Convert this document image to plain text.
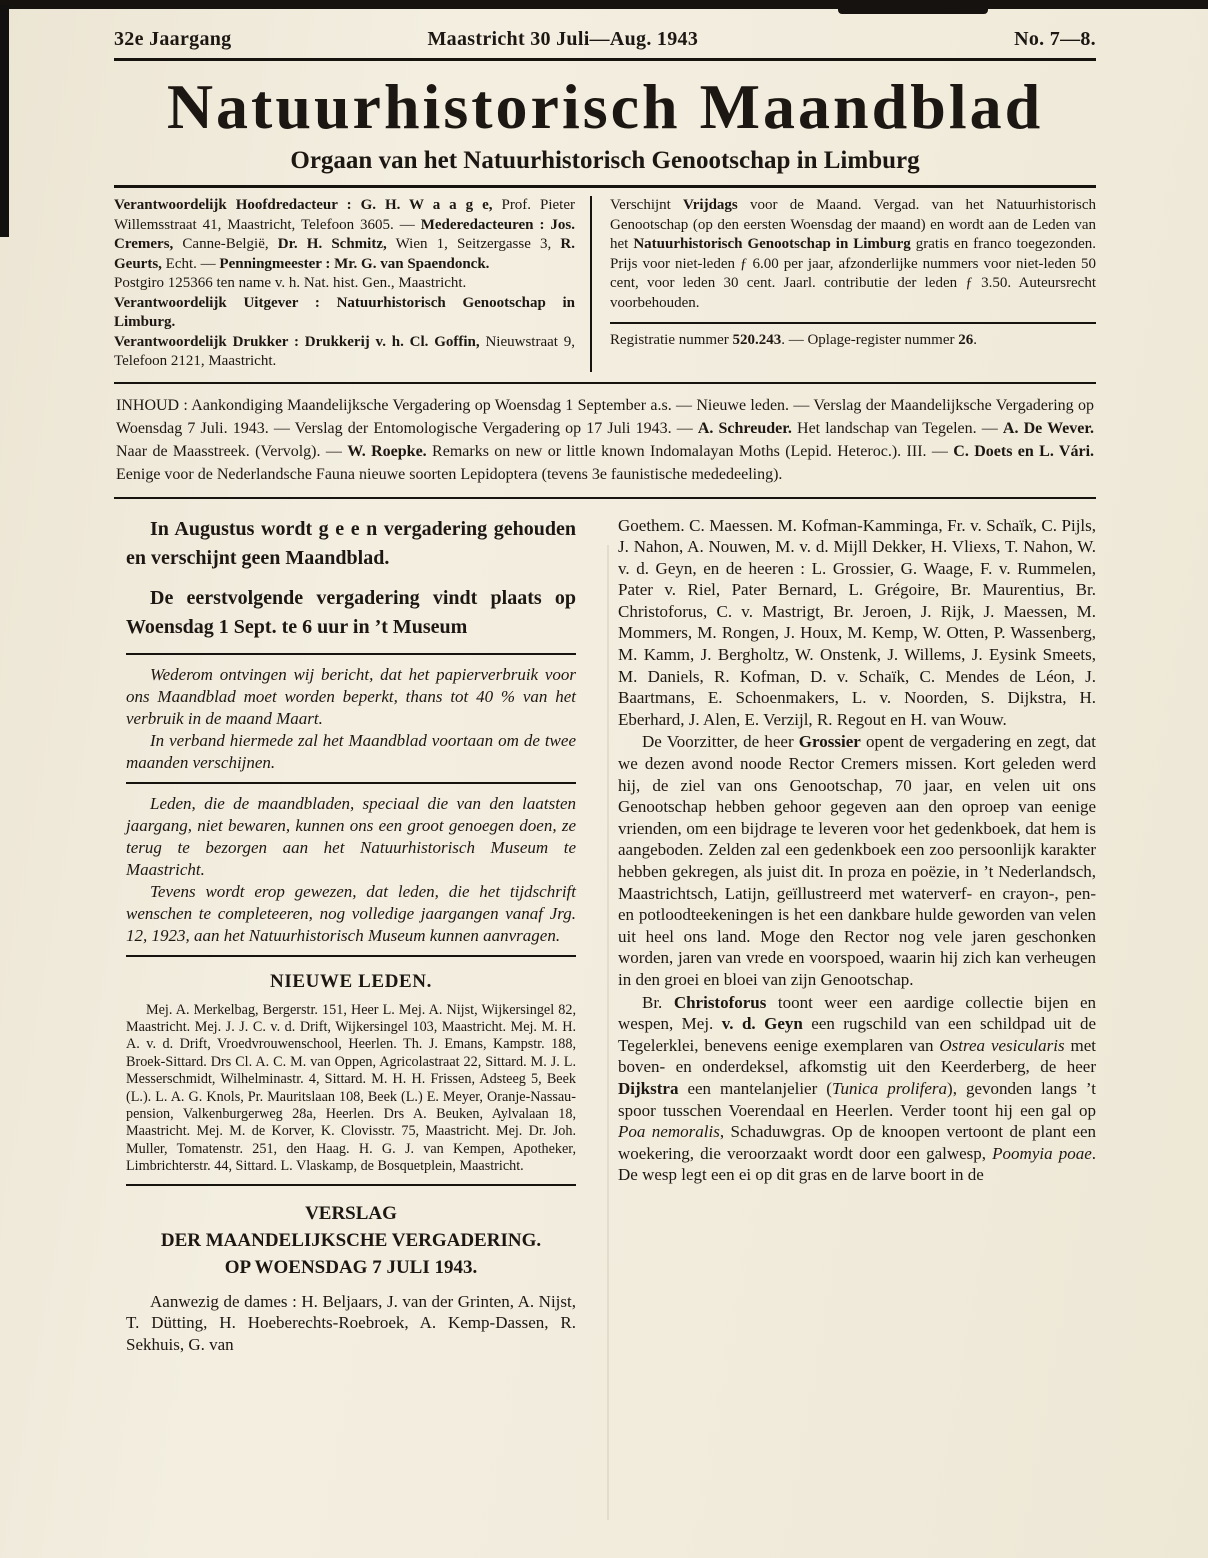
32e Jaargang	Maastricht 30 Juli—Aug. 1943	No. 7—8.
Natuurhistorisch Maandblad
Orgaan van het Natuurhistorisch Genootschap in Limburg

Verantwoordelijk Hoofdredacteur : G. H. W a a g e, Prof. Pieter Willemsstraat 41, Maastricht, Telefoon 3605. — Mederedacteuren : Jos. Cremers, Canne-België, Dr. H. Schmitz, Wien 1, Seitzergasse 3, R. Geurts, Echt. — Penningmeester : Mr. G. van Spaendonck.

Postgiro 125366 ten name v. h. Nat. hist. Gen., Maastricht.

Verantwoordelijk Uitgever : Natuurhistorisch Genootschap in Limburg.

Verantwoordelijk Drukker : Drukkerij v. h. Cl. Goffin, Nieuwstraat 9, Telefoon 2121, Maastricht.

Verschijnt Vrijdags voor de Maand. Vergad. van het Natuurhistorisch Genootschap (op den eersten Woensdag der maand) en wordt aan de Leden van het Natuurhistorisch Genootschap in Limburg gratis en franco toegezonden. Prijs voor niet-leden ƒ 6.00 per jaar, afzonderlijke nummers voor niet-leden 50 cent, voor leden 30 cent. Jaarl. contributie der leden ƒ 3.50. Auteursrecht voorbehouden.

Registratie nummer 520.243. — Oplage-register nummer 26.

INHOUD : Aankondiging Maandelijksche Vergadering op Woensdag 1 September a.s. — Nieuwe leden. — Verslag der Maandelijksche Vergadering op Woensdag 7 Juli. 1943. — Verslag der Entomologische Vergadering op 17 Juli 1943. — A. Schreuder. Het landschap van Tegelen. — A. De Wever. Naar de Maasstreek. (Vervolg). — W. Roepke. Remarks on new or little known Indomalayan Moths (Lepid. Heteroc.). III. — C. Doets en L. Vári. Eenige voor de Nederlandsche Fauna nieuwe soorten Lepidoptera (tevens 3e faunistische mededeeling).

In Augustus wordt g e e n vergadering gehouden en verschijnt geen Maandblad.

De eerstvolgende vergadering vindt plaats op Woensdag 1 Sept. te 6 uur in ’t Museum

Wederom ontvingen wij bericht, dat het papierverbruik voor ons Maandblad moet worden beperkt, thans tot 40 % van het verbruik in de maand Maart.

In verband hiermede zal het Maandblad voortaan om de twee maanden verschijnen.

Leden, die de maandbladen, speciaal die van den laatsten jaargang, niet bewaren, kunnen ons een groot genoegen doen, ze terug te bezorgen aan het Natuurhistorisch Museum te Maastricht.

Tevens wordt erop gewezen, dat leden, die het tijdschrift wenschen te completeeren, nog volledige jaargangen vanaf Jrg. 12, 1923, aan het Natuurhistorisch Museum kunnen aanvragen.

NIEUWE LEDEN.

Mej. A. Merkelbag, Bergerstr. 151, Heer L. Mej. A. Nijst, Wijkersingel 82, Maastricht. Mej. J. J. C. v. d. Drift, Wijkersingel 103, Maastricht. Mej. M. H. A. v. d. Drift, Vroedvrouwenschool, Heerlen. Th. J. Emans, Kampstr. 188, Broek-Sittard. Drs Cl. A. C. M. van Oppen, Agricolastraat 22, Sittard. M. J. L. Messerschmidt, Wilhelminastr. 4, Sittard. M. H. H. Frissen, Adsteeg 5, Beek (L.). L. A. G. Knols, Pr. Mauritslaan 108, Beek (L.) E. Meyer, Oranje-Nassau-pension, Valkenburgerweg 28a, Heerlen. Drs A. Beuken, Aylvalaan 18, Maastricht. Mej. M. de Korver, K. Clovisstr. 75, Maastricht. Mej. Dr. Joh. Muller, Tomatenstr. 251, den Haag. H. G. J. van Kempen, Apotheker, Limbrichterstr. 44, Sittard. L. Vlaskamp, de Bosquetplein, Maastricht.

VERSLAG
DER MAANDELIJKSCHE VERGADERING.
OP WOENSDAG 7 JULI 1943.

Aanwezig de dames : H. Beljaars, J. van der Grinten, A. Nijst, T. Dütting, H. Hoeberechts-Roebroek, A. Kemp-Dassen, R. Sekhuis, G. van

Goethem. C. Maessen. M. Kofman-Kamminga, Fr. v. Schaïk, C. Pijls, J. Nahon, A. Nouwen, M. v. d. Mijll Dekker, H. Vliexs, T. Nahon, W. v. d. Geyn, en de heeren : L. Grossier, G. Waage, F. v. Rummelen, Pater v. Riel, Pater Bernard, L. Grégoire, Br. Maurentius, Br. Christoforus, C. v. Mastrigt, Br. Jeroen, J. Rijk, J. Maessen, M. Mommers, M. Rongen, J. Houx, M. Kemp, W. Otten, P. Wassenberg, M. Kamm, J. Bergholtz, W. Onstenk, J. Willems, J. Eysink Smeets, M. Daniels, R. Kofman, D. v. Schaïk, C. Mendes de Léon, J. Baartmans, E. Schoenmakers, L. v. Noorden, S. Dijkstra, H. Eberhard, J. Alen, E. Verzijl, R. Regout en H. van Wouw.

De Voorzitter, de heer Grossier opent de vergadering en zegt, dat we dezen avond noode Rector Cremers missen. Kort geleden werd hij, de ziel van ons Genootschap, 70 jaar, en velen uit ons Genootschap hebben gehoor gegeven aan den oproep van eenige vrienden, om een bijdrage te leveren voor het gedenkboek, dat hem is aangeboden. Zelden zal een gedenkboek een zoo persoonlijk karakter hebben gekregen, als juist dit. In proza en poëzie, in ’t Nederlandsch, Maastrichtsch, Latijn, geïllustreerd met waterverf- en crayon-, pen- en potloodteekeningen is het een dankbare hulde geworden van velen uit heel ons land. Moge den Rector nog vele jaren geschonken worden, jaren van vrede en voorspoed, waarin hij zich kan verheugen in den groei en bloei van zijn Genootschap.

Br. Christoforus toont weer een aardige collectie bijen en wespen, Mej. v. d. Geyn een rugschild van een schildpad uit de Tegelerklei, benevens eenige exemplaren van Ostrea vesicularis met boven- en onderdeksel, afkomstig uit den Keerderberg, de heer Dijkstra een mantelanjelier (Tunica prolifera), gevonden langs ’t spoor tusschen Voerendaal en Heerlen. Verder toont hij een gal op Poa nemoralis, Schaduwgras. Op de knoopen vertoont de plant een woekering, die veroorzaakt wordt door een galwesp, Poomyia poae. De wesp legt een ei op dit gras en de larve boort in de
